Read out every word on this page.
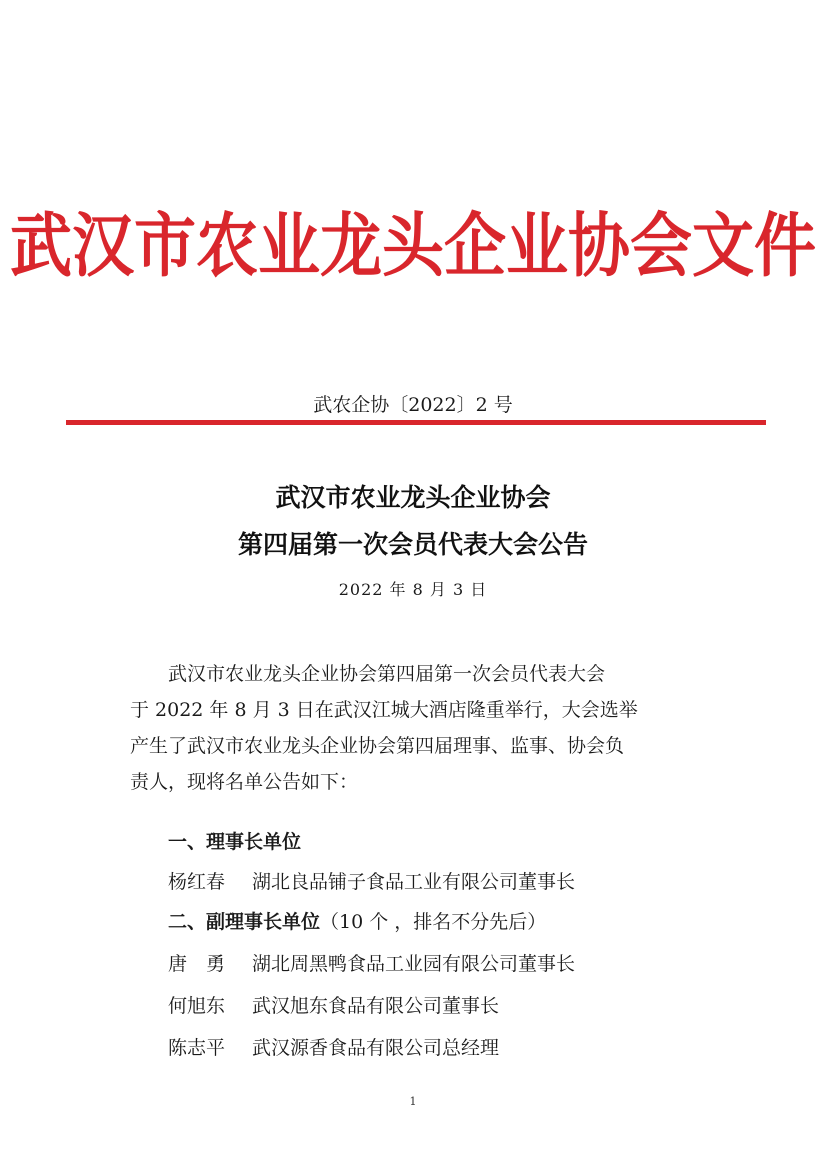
武汉市农业龙头企业协会文件
武农企协〔2022〕2 号
武汉市农业龙头企业协会
第四届第一次会员代表大会公告
2022 年 8 月 3 日
武汉市农业龙头企业协会第四届第一次会员代表大会
于 2022 年 8 月 3 日在武汉江城大酒店隆重举行，大会选举
产生了武汉市农业龙头企业协会第四届理事、监事、协会负
责人，现将名单公告如下：
一、理事长单位
杨红春 湖北良品铺子食品工业有限公司董事长
二、副理事长单位（10 个 ，排名不分先后）
唐　勇 湖北周黑鸭食品工业园有限公司董事长
何旭东 武汉旭东食品有限公司董事长
陈志平 武汉源香食品有限公司总经理
1
